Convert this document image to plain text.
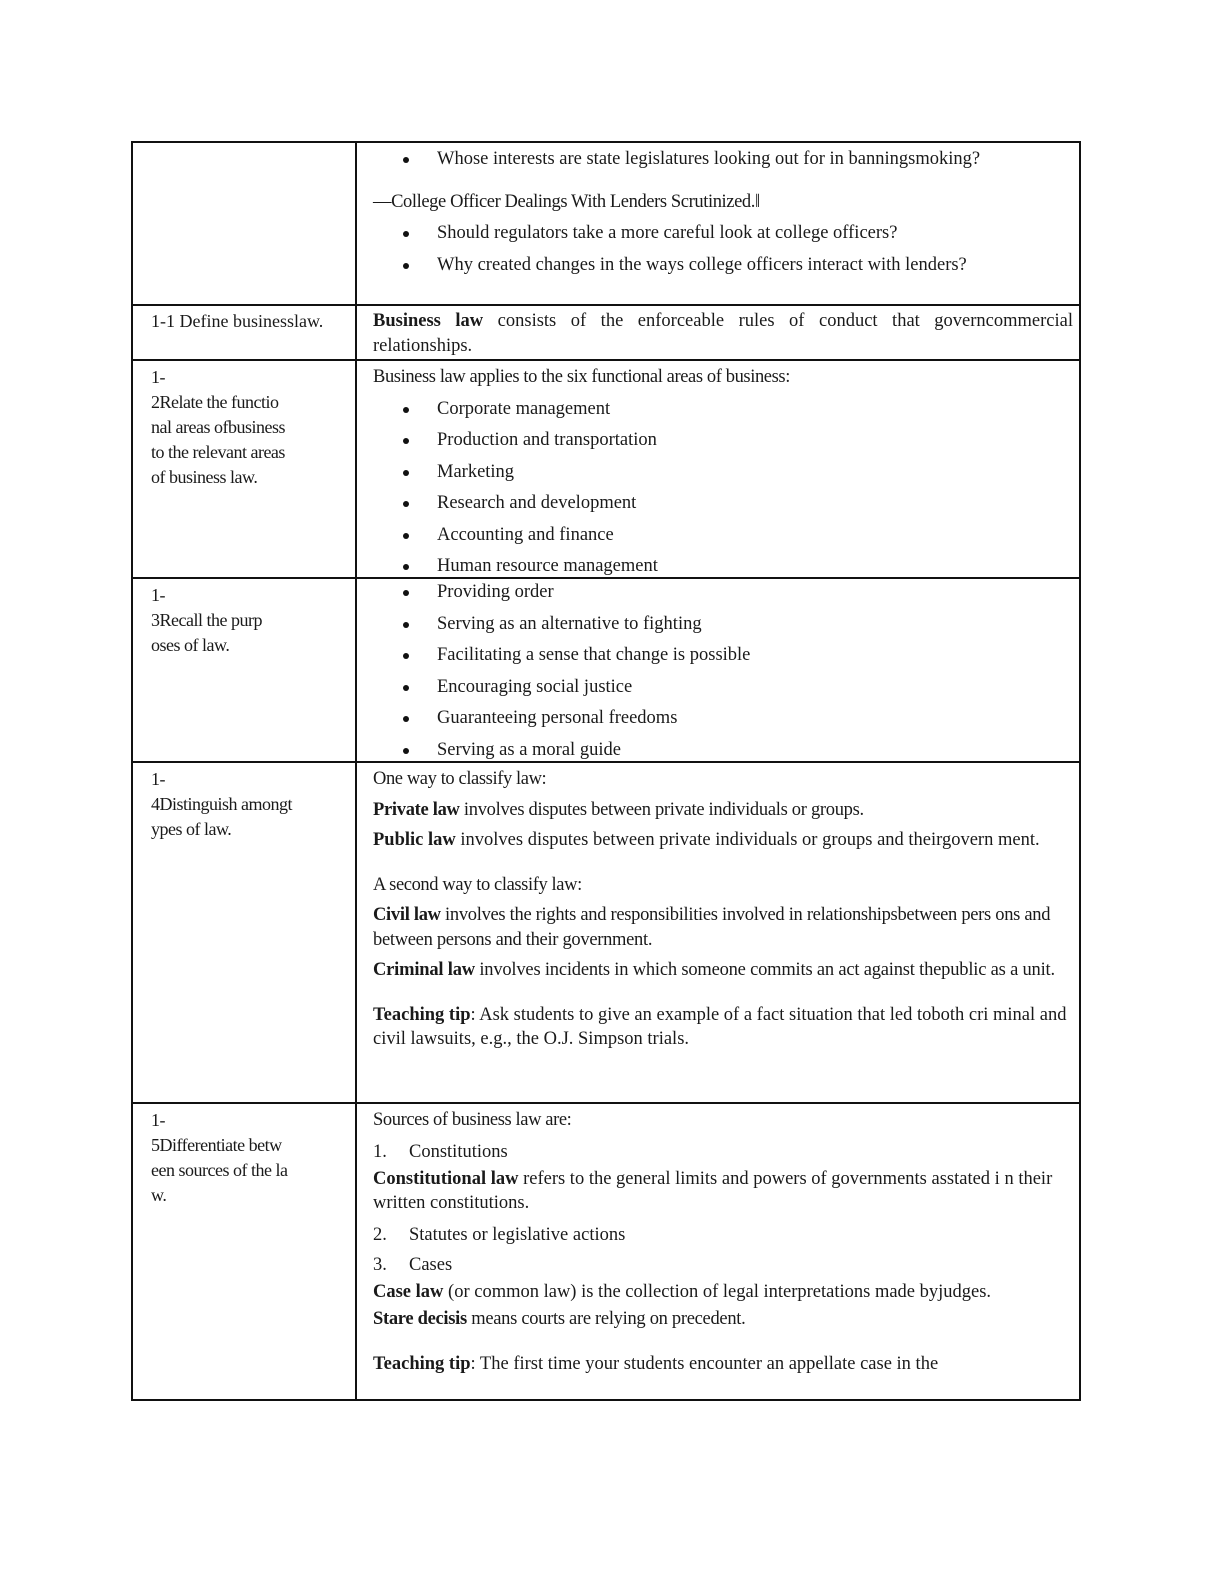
Whose interests are state legislatures looking out for in banningsmoking?

—College Officer Dealings With Lenders Scrutinized.‖

Should regulators take a more careful look at college officers?
Why created changes in the ways college officers interact with lenders?
1-1 Define businesslaw.	Business law consists of the enforceable rules of conduct that governcommercial relationships.

1-
2Relate the functio
nal areas ofbusiness
to the relevant areas
of business law.

Business law applies to the six functional areas of business:

Corporate management
Production and transportation
Marketing
Research and development
Accounting and finance
Human resource management
1-
3Recall the purp
oses of law.
Providing order
Serving as an alternative to fighting
Facilitating a sense that change is possible
Encouraging social justice
Guaranteeing personal freedoms
Serving as a moral guide
1-
4Distinguish amongt
ypes of law.

One way to classify law:

Private law involves disputes between private individuals or groups.

Public law involves disputes between private individuals or groups and theirgovern ment.

A second way to classify law:

Civil law involves the rights and responsibilities involved in relationshipsbetween pers ons and between persons and their government.

Criminal law involves incidents in which someone commits an act against thepublic as a unit.

Teaching tip: Ask students to give an example of a fact situation that led toboth cri minal and civil lawsuits, e.g., the O.J. Simpson trials.

1-
5Differentiate betw
een sources of the la
w.

Sources of business law are:

1. Constitutions

Constitutional law refers to the general limits and powers of governments asstated i n their written constitutions.

2. Statutes or legislative actions
3. Cases

Case law (or common law) is the collection of legal interpretations made byjudges.

Stare decisis means courts are relying on precedent.

Teaching tip: The first time your students encounter an appellate case in the
